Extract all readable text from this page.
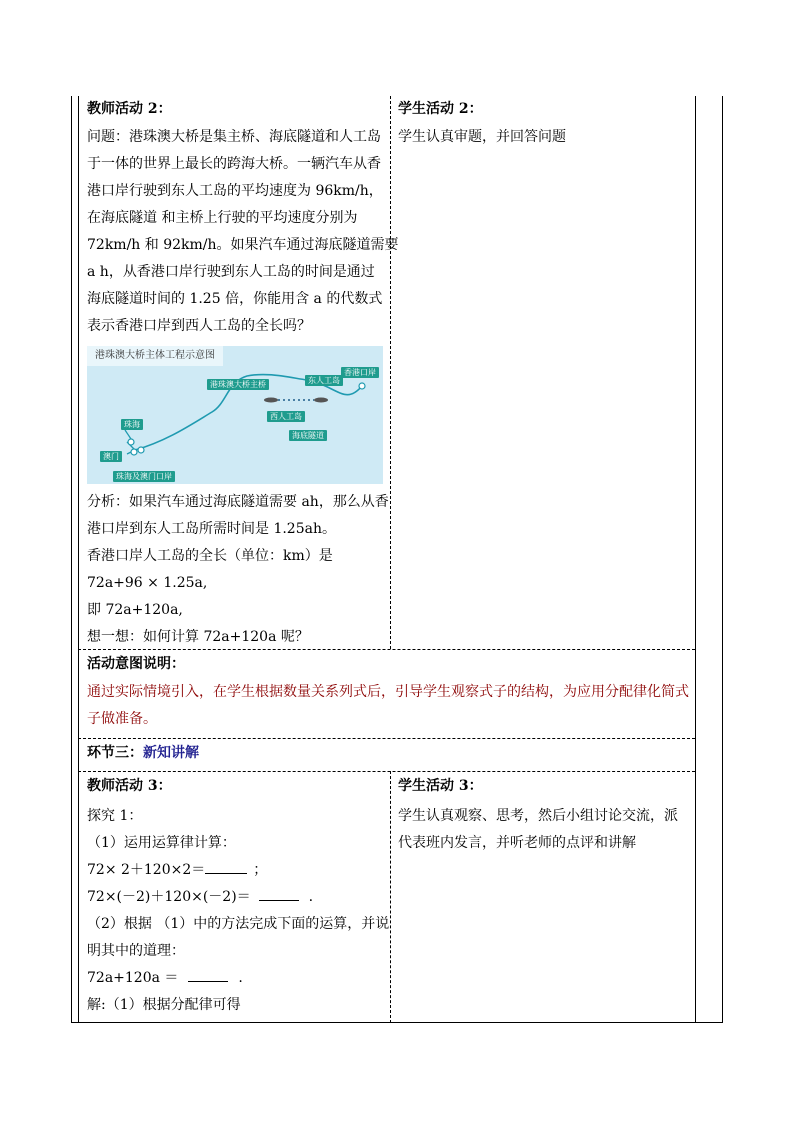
教师活动 2：

问题：港珠澳大桥是集主桥、海底隧道和人工岛

于一体的世界上最长的跨海大桥。一辆汽车从香

港口岸行驶到东人工岛的平均速度为 96km/h，

在海底隧道 和主桥上行驶的平均速度分别为

72km/h 和 92km/h。如果汽车通过海底隧道需要

a h，从香港口岸行驶到东人工岛的时间是通过

海底隧道时间的 1.25 倍，你能用含 a 的代数式

表示香港口岸到西人工岛的全长吗？

港珠澳大桥主体工程示意图
香港口岸
东人工岛
港珠澳大桥主桥
西人工岛
海底隧道
珠海
澳门
珠海及澳门口岸

分析：如果汽车通过海底隧道需要 ah，那么从香

港口岸到东人工岛所需时间是 1.25ah。

香港口岸人工岛的全长（单位：km）是

72a+96 × 1.25a,

即 72a+120a,

想一想：如何计算 72a+120a 呢？

学生活动 2：

学生认真审题，并回答问题

活动意图说明：

通过实际情境引入，在学生根据数量关系列式后，引导学生观察式子的结构，为应用分配律化简式

子做准备。

环节三：新知讲解

教师活动 3：

探究 1：

（1）运用运算律计算：

72× 2＋120×2＝	；

72×(－2)＋120×(－2)＝	.

（2）根据 （1）中的方法完成下面的运算，并说

明其中的道理：

72a+120a ＝	.

解:（1）根据分配律可得

学生活动 3：

学生认真观察、思考，然后小组讨论交流，派

代表班内发言，并听老师的点评和讲解
